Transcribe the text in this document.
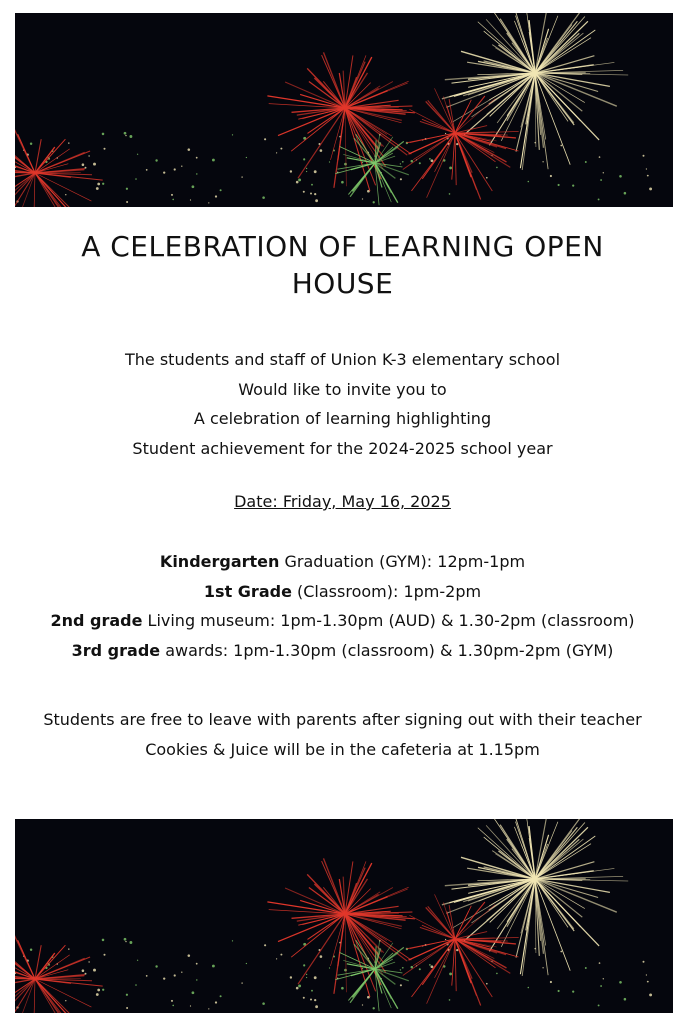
A CELEBRATION OF LEARNING OPEN HOUSE
The students and staff of Union K-3 elementary school
Would like to invite you to
A celebration of learning highlighting
Student achievement for the 2024-2025 school year
Date: Friday, May 16, 2025
Kindergarten Graduation (GYM): 12pm-1pm
1st Grade (Classroom): 1pm-2pm
2nd grade Living museum: 1pm-1.30pm (AUD) & 1.30-2pm (classroom)
3rd grade awards: 1pm-1.30pm (classroom) & 1.30pm-2pm (GYM)
Students are free to leave with parents after signing out with their teacher
Cookies & Juice will be in the cafeteria at 1.15pm
